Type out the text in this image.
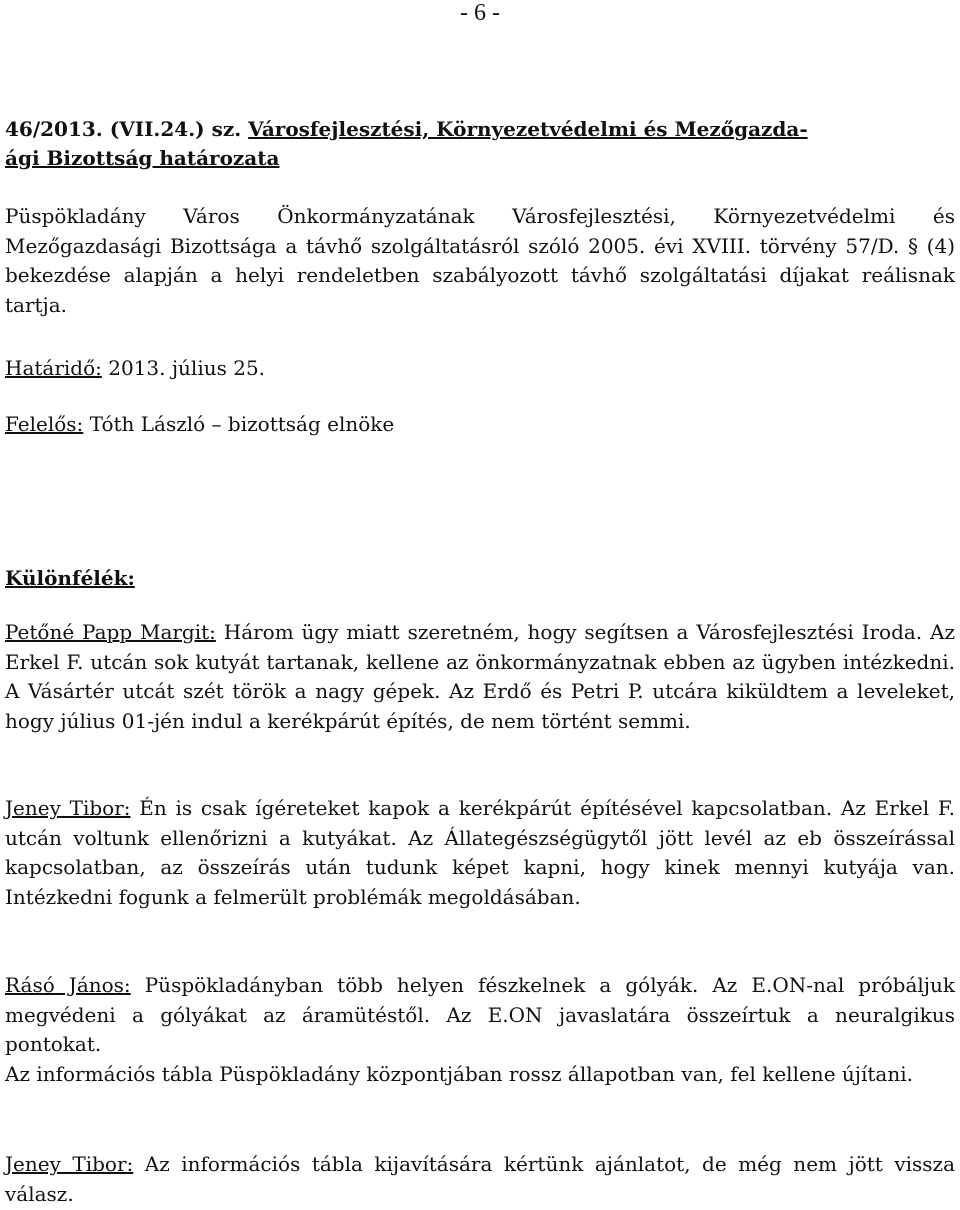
- 6 -

46/2013. (VII.24.) sz. Városfejlesztési, Környezetvédelmi és Mezőgazda-
ági Bizottság határozata

Püspökladány Város Önkormányzatának Városfejlesztési, Környezetvédelmi és Mezőgazdasági Bizottsága a távhő szolgáltatásról szóló 2005. évi XVIII. törvény 57/D. § (4) bekezdése alapján a helyi rendeletben szabályozott távhő szolgáltatási díjakat reálisnak tartja.

Határidő: 2013. július 25.

Felelős: Tóth László – bizottság elnöke

Különfélék:

Petőné Papp Margit: Három ügy miatt szeretném, hogy segítsen a Városfejlesztési Iroda. Az Erkel F. utcán sok kutyát tartanak, kellene az önkormányzatnak ebben az ügyben intézkedni. A Vásártér utcát szét török a nagy gépek. Az Erdő és Petri P. utcára kiküldtem a leveleket, hogy július 01-jén indul a kerékpárút építés, de nem történt semmi.

Jeney Tibor: Én is csak ígéreteket kapok a kerékpárút építésével kapcsolatban. Az Erkel F. utcán voltunk ellenőrizni a kutyákat. Az Állategészségügytől jött levél az eb összeírással kapcsolatban, az összeírás után tudunk képet kapni, hogy kinek mennyi kutyája van. Intézkedni fogunk a felmerült problémák megoldásában.

Rásó János: Püspökladányban több helyen fészkelnek a gólyák. Az E.ON-nal próbáljuk megvédeni a gólyákat az áramütéstől. Az E.ON javaslatára összeírtuk a neuralgikus pontokat.

Az információs tábla Püspökladány központjában rossz állapotban van, fel kellene újítani.

Jeney Tibor: Az információs tábla kijavítására kértünk ajánlatot, de még nem jött vissza válasz.
